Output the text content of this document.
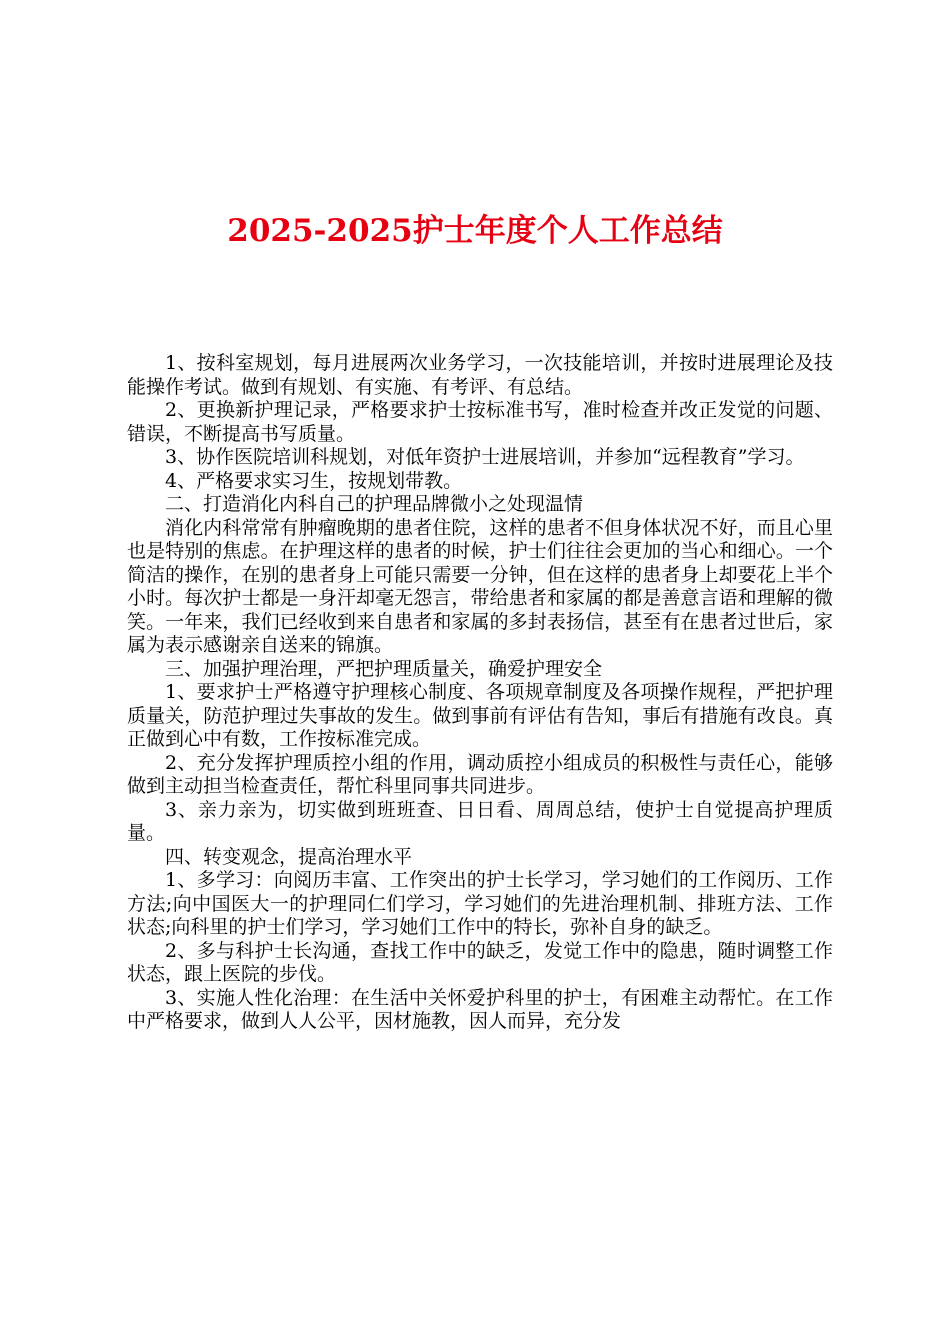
2025-2025护士年度个人工作总结

1、按科室规划，每月进展两次业务学习，一次技能培训，并按时进展理论及技能操作考试。做到有规划、有实施、有考评、有总结。

2、更换新护理记录，严格要求护士按标准书写，准时检查并改正发觉的问题、错误，不断提高书写质量。

3、协作医院培训科规划，对低年资护士进展培训，并参加“远程教育”学习。

4、严格要求实习生，按规划带教。

二、打造消化内科自己的护理品牌微小之处现温情

消化内科常常有肿瘤晚期的患者住院，这样的患者不但身体状况不好，而且心里也是特别的焦虑。在护理这样的患者的时候，护士们往往会更加的当心和细心。一个简洁的操作，在别的患者身上可能只需要一分钟，但在这样的患者身上却要花上半个小时。每次护士都是一身汗却毫无怨言，带给患者和家属的都是善意言语和理解的微笑。一年来，我们已经收到来自患者和家属的多封表扬信，甚至有在患者过世后，家属为表示感谢亲自送来的锦旗。

三、加强护理治理，严把护理质量关，确爱护理安全

1、要求护士严格遵守护理核心制度、各项规章制度及各项操作规程，严把护理质量关，防范护理过失事故的发生。做到事前有评估有告知，事后有措施有改良。真正做到心中有数，工作按标准完成。

2、充分发挥护理质控小组的作用，调动质控小组成员的积极性与责任心，能够做到主动担当检查责任，帮忙科里同事共同进步。

3、亲力亲为，切实做到班班查、日日看、周周总结，使护士自觉提高护理质量。

四、转变观念，提高治理水平

1、多学习：向阅历丰富、工作突出的护士长学习，学习她们的工作阅历、工作方法;向中国医大一的护理同仁们学习，学习她们的先进治理机制、排班方法、工作状态;向科里的护士们学习，学习她们工作中的特长，弥补自身的缺乏。

2、多与科护士长沟通，查找工作中的缺乏，发觉工作中的隐患，随时调整工作状态，跟上医院的步伐。

3、实施人性化治理：在生活中关怀爱护科里的护士，有困难主动帮忙。在工作中严格要求，做到人人公平，因材施教，因人而异，充分发
